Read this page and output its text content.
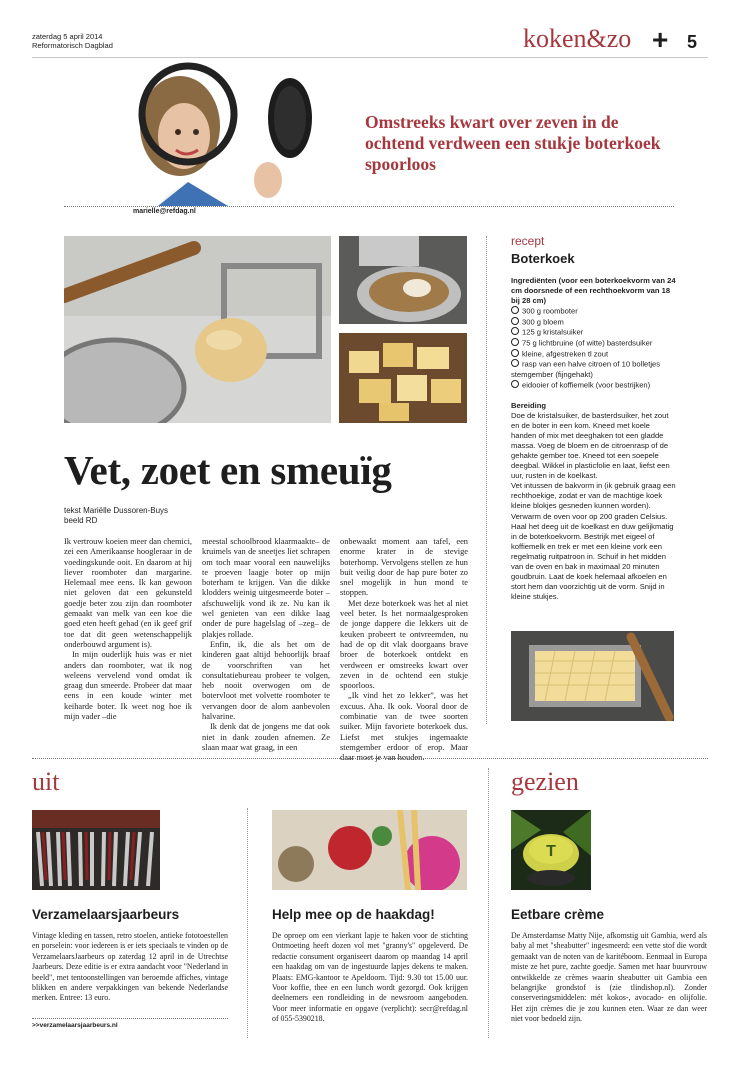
zaterdag 5 april 2014
Reformatorisch Dagblad	koken&zo + 5
Omstreeks kwart over zeven in de ochtend verdween een stukje boterkoek spoorloos
marielle@refdag.nl
Vet, zoet en smeuïg
tekst Mariëlle Dussoren-Buys
beeld RD

Ik vertrouw koeien meer dan chemici, zei een Amerikaanse hoogleraar in de voedingskunde ooit. En daarom at hij liever roomboter dan margarine. Helemaal mee eens. Ik kan gewoon niet geloven dat een gekunsteld goedje beter zou zijn dan roomboter gemaakt van melk van een koe die goed eten heeft gehad (en ik geef grif toe dat dit geen wetenschappelijk onderbouwd argument is).

In mijn ouderlijk huis was er niet anders dan roomboter, wat ik nog weleens vervelend vond omdat ik graag dun smeerde. Probeer dat maar eens in een koude winter met keiharde boter. Ik weet nog hoe ik mijn vader –die

meestal schoolbrood klaarmaakte– de kruimels van de sneetjes liet schrapen om toch maar vooral een nauwelijks te proeven laagje boter op mijn boterham te krijgen. Van die dikke klodders weinig uitgesmeerde boter – afschuwelijk vond ik ze. Nu kan ik wel genieten van een dikke laag onder de pure hagelslag of –zeg– de plakjes rollade.

Enfin, ik, die als het om de kinderen gaat altijd behoorlijk braaf de voorschriften van het consultatiebureau probeer te volgen, heb nooit overwogen om de botervloot met volvette roomboter te vervangen door de alom aanbevolen halvarine.

Ik denk dat de jongens me dat ook niet in dank zouden afnemen. Ze slaan maar wat graag, in een

onbewaakt moment aan tafel, een enorme krater in de stevige boterhomp. Vervolgens stellen ze hun buit veilig door de hap pure boter zo snel mogelijk in hun mond te stoppen.

Met deze boterkoek was het al niet veel beter. Is het normaalgesproken de jonge dappere die lekkers uit de keuken probeert te ontvreemden, nu had de op dit vlak doorgaans brave broer de boterkoek ontdekt en verdween er omstreeks kwart over zeven in de ochtend een stukje spoorloos.

„Ik vind het zo lekker”, was het excuus. Aha. Ik ook. Vooral door de combinatie van de twee soorten suiker. Mijn favoriete boterkoek dus. Liefst met stukjes ingemaakte stemgember erdoor of erop. Maar daar moet je van houden.

recept
Boterkoek
Ingrediënten (voor een boterkoekvorm van 24 cm doorsnede of een rechthoekvorm van 18 bij 28 cm)
300 g roomboter
300 g bloem
125 g kristalsuiker
75 g lichtbruine (of witte) basterdsuiker
kleine, afgestreken tl zout
rasp van een halve citroen of 10 bolletjes stemgember (fijngehakt)
eidooier of koffiemelk (voor bestrijken)
Bereiding
Doe de kristalsuiker, de basterdsuiker, het zout en de boter in een kom. Kneed met koele handen of mix met deeghaken tot een gladde massa. Voeg de bloem en de citroenrasp of de gehakte gember toe. Kneed tot een soepele deegbal. Wikkel in plasticfolie en laat, liefst een uur, rusten in de koelkast.
Vet intussen de bakvorm in (ik gebruik graag een rechthoekige, zodat er van de machtige koek kleine blokjes gesneden kunnen worden). Verwarm de oven voor op 200 graden Celsius.
Haal het deeg uit de koelkast en duw gelijkmatig in de boterkoekvorm. Bestrijk met eigeel of koffiemelk en trek er met een kleine vork een regelmatig ruitpatroon in. Schuif in het midden van de oven en bak in maximaal 20 minuten goudbruin. Laat de koek helemaal afkoelen en stort hem dan voorzichtig uit de vorm. Snijd in kleine stukjes.
uit
Verzamelaarsjaarbeurs
Vintage kleding en tassen, retro stoelen, antieke fototoestellen en porselein: voor iedereen is er iets speciaals te vinden op de VerzamelaarsJaarbeurs op zaterdag 12 april in de Utrechtse Jaarbeurs. Deze editie is er extra aandacht voor "Nederland in beeld", met tentoonstellingen van beroemde affiches, vintage blikken en andere verpakkingen van bekende Nederlandse merken. Entree: 13 euro.
>>verzamelaarsjaarbeurs.nl
Help mee op de haakdag!
De oproep om een vierkant lapje te haken voor de stichting Ontmoeting heeft dozen vol met "granny's" opgeleverd. De redactie consument organiseert daarom op maandag 14 april een haakdag om van de ingestuurde lapjes dekens te maken. Plaats: EMG-kantoor te Apeldoorn. Tijd: 9.30 tot 15.00 uur. Voor koffie, thee en een lunch wordt gezorgd. Ook krijgen deelnemers een rondleiding in de newsroom aangeboden. Voor meer informatie en opgave (verplicht): secr@refdag.nl of 055-5390218.
gezien
T
Eetbare crème
De Amsterdamse Matty Nije, afkomstig uit Gambia, werd als baby al met "sheabutter" ingesmeerd: een vette stof die wordt gemaakt van de noten van de karitéboom. Eenmaal in Europa miste ze het pure, zachte goedje. Samen met haar buurvrouw ontwikkelde ze crèmes waarin sheabutter uit Gambia een belangrijke grondstof is (zie tlindishop.nl). Zonder conserveringsmiddelen: mét kokos-, avocado- en olijfolie. Het zijn crèmes die je zou kunnen eten. Waar ze dan weer niet voor bedoeld zijn.
